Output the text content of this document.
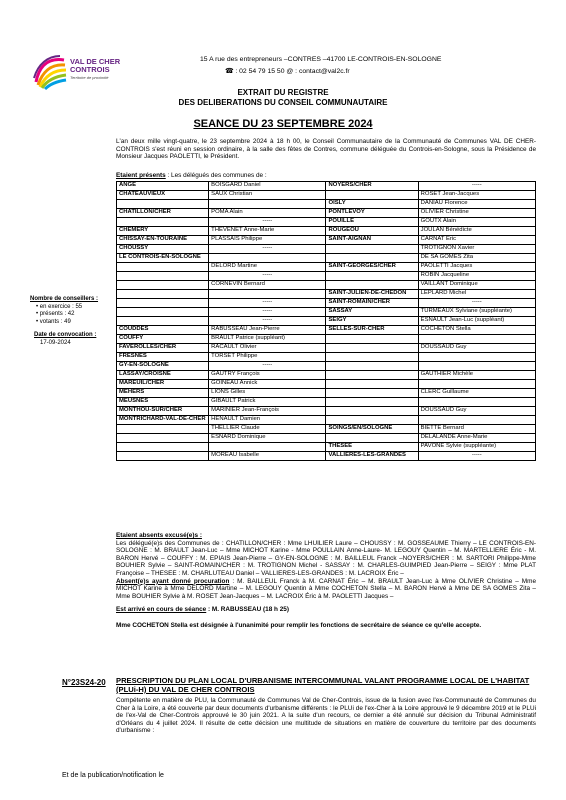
VAL DE CHER
CONTROIS
Territoire de proximité
15 A rue des entrepreneurs –CONTRES –41700 LE-CONTROIS-EN-SOLOGNE
☎ : 02 54 79 15 50 @ : contact@val2c.fr
EXTRAIT DU REGISTRE
DES DELIBERATIONS DU CONSEIL COMMUNAUTAIRE
SEANCE DU 23 SEPTEMBRE 2024
L'an deux mille vingt-quatre, le 23 septembre 2024 à 18 h 00, le Conseil Communautaire de la Communauté de Communes VAL DE CHER-CONTROIS s'est réuni en session ordinaire, à la salle des fêtes de Contres, commune déléguée du Controis-en-Sologne, sous la Présidence de Monsieur Jacques PAOLETTI, le Président.
Etaient présents : Les délégués des communes de :
Nombre de conseillers :
• en exercice : 55
• présents : 42
• votants : 49
Date de convocation :
17-09-2024
ANGE	BOISGARD Daniel	NOYERS/CHER	-----
CHATEAUVIEUX	SAUX Christian		ROSET Jean-Jacques
		OISLY	DANIAU Florence
CHATILLON/CHER	POMA Alain	PONTLEVOY	OLIVIER Christine
	-----	POUILLE	GOUTX Alain
CHEMERY	THEVENET Anne-Marie	ROUGEOU	JOULAN Bénédicte
CHISSAY-EN-TOURAINE	PLASSAIS Philippe	SAINT-AIGNAN	CARNAT Éric
CHOUSSY	-----		TROTIGNON Xavier
LE CONTROIS-EN-SOLOGNE			DE SA GOMES Zita
	DELORD Martine	SAINT-GEORGES/CHER	PAOLETTI Jacques
	-----		ROBIN Jacqueline
	CORNEVIN Bernard		VAILLANT Dominique
		SAINT-JULIEN-DE-CHEDON	LEPLARD Michel
	-----	SAINT-ROMAIN/CHER	-----
	-----	SASSAY	TURMEAUX Sylviane (suppléante)
	-----	SEIGY	ESNAULT Jean-Luc (suppléant)
COUDDES	RABUSSEAU Jean-Pierre	SELLES-SUR-CHER	COCHETON Stella
COUFFY	BRAULT Patrice (suppléant)		
FAVEROLLES/CHER	RACAULT Olivier		DOUSSAUD Guy
FRESNES	TORSET Philippe		
GY-EN-SOLOGNE	-----		
LASSAY/CROISNE	GAUTRY François		GAUTHIER Michèle
MAREUIL/CHER	GOINEAU Annick		
MEHERS	LIONS Gilles		CLERC Guillaume
MEUSNES	GIBAULT Patrick		
MONTHOU-SUR/CHER	MARINIER Jean-François		DOUSSAUD Guy
MONTRICHARD-VAL-DE-CHER	HÉNAULT Damien		
	THELLIER Claude	SOINGS/EN/SOLOGNE	BIETTE Bernard
	ESNARD Dominique		DELALANDE Anne-Marie
		THESEE	PAVONE Sylvie (suppléante)
	MOREAU Isabelle	VALLIERES-LES-GRANDES	-----
Etaient absents excusé(e)s :
Les délégué(e)s des Communes de : CHATILLON/CHER : Mme LHUILIER Laure – CHOUSSY : M. GOSSEAUME Thierry – LE CONTROIS-EN-SOLOGNE : M. BRAULT Jean-Luc – Mme MICHOT Karine - Mme POULLAIN Anne-Laure- M. LEGOUY Quentin – M. MARTELLIERE Éric - M. BARON Hervé – COUFFY : M. EPIAIS Jean-Pierre – GY-EN-SOLOGNE : M. BAILLEUL Franck –NOYERS/CHER : M. SARTORI Philippe-Mme BOUHIER Sylvie – SAINT-ROMAIN/CHER : M. TROTIGNON Michel - SASSAY : M. CHARLES-GUIMPIED Jean-Pierre – SEIGY : Mme PLAT Françoise – THESEE : M. CHARLUTEAU Daniel – VALLIERES-LES-GRANDES : M. LACROIX Éric –
Absent(e)s ayant donné procuration : M. BAILLEUL Franck à M. CARNAT Éric – M. BRAULT Jean-Luc à Mme OLIVIER Christine – Mme MICHOT Karine à Mme DELORD Martine – M. LEGOUY Quentin à Mme COCHETON Stella – M. BARON Hervé à Mme DE SA GOMES Zita – Mme BOUHIER Sylvie à M. ROSET Jean-Jacques – M. LACROIX Éric à M. PAOLETTI Jacques –
Est arrivé en cours de séance : M. RABUSSEAU (18 h 25)
Mme COCHETON Stella est désignée à l'unanimité pour remplir les fonctions de secrétaire de séance ce qu'elle accepte.
N°23S24-20 PRESCRIPTION DU PLAN LOCAL D'URBANISME INTERCOMMUNAL VALANT PROGRAMME LOCAL DE L'HABITAT (PLUi-H) DU VAL DE CHER CONTROIS
Compétente en matière de PLU, la Communauté de Communes Val de Cher-Controis, issue de la fusion avec l'ex-Communauté de Communes du Cher à la Loire, a été couverte par deux documents d'urbanisme différents : le PLUi de l'ex-Cher à la Loire approuvé le 9 décembre 2019 et le PLUi de l'ex-Val de Cher-Controis approuvé le 30 juin 2021. A la suite d'un recours, ce dernier a été annulé sur décision du Tribunal Administratif d'Orléans du 4 juillet 2024. Il résulte de cette décision une multitude de situations en matière de couverture du territoire par des documents d'urbanisme :
Et de la publication/notification le
